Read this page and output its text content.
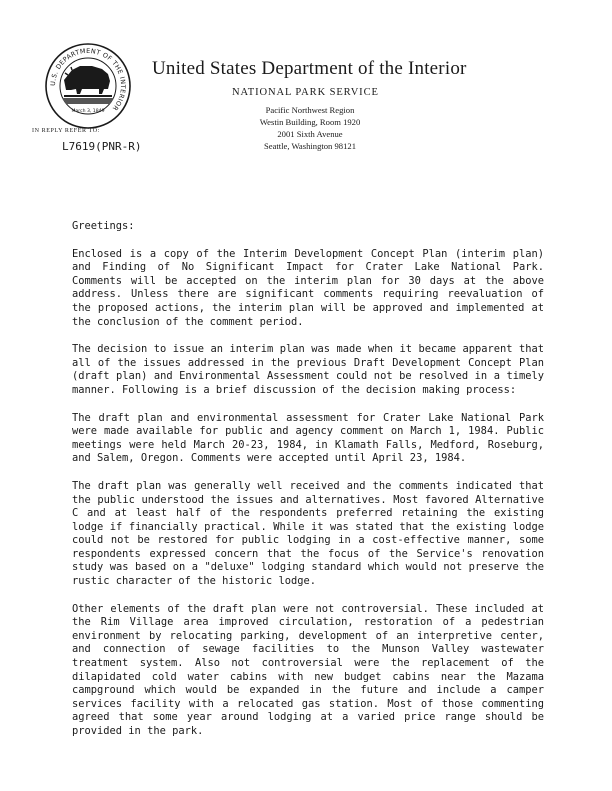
U.S. DEPARTMENT OF THE INTERIOR
March 3, 1849
United States Department of the Interior
NATIONAL PARK SERVICE
Pacific Northwest Region
Westin Building, Room 1920
2001 Sixth Avenue
Seattle, Washington 98121
IN REPLY REFER TO:
L7619(PNR-R)
Greetings:
Enclosed is a copy of the Interim Development Concept Plan (interim plan) and Finding of No Significant Impact for Crater Lake National Park. Comments will be accepted on the interim plan for 30 days at the above address. Unless there are significant comments requiring reevaluation of the proposed actions, the interim plan will be approved and implemented at the conclusion of the comment period.
The decision to issue an interim plan was made when it became apparent that all of the issues addressed in the previous Draft Development Concept Plan (draft plan) and Environmental Assessment could not be resolved in a timely manner. Following is a brief discussion of the decision making process:
The draft plan and environmental assessment for Crater Lake National Park were made available for public and agency comment on March 1, 1984. Public meetings were held March 20-23, 1984, in Klamath Falls, Medford, Roseburg, and Salem, Oregon. Comments were accepted until April 23, 1984.
The draft plan was generally well received and the comments indicated that the public understood the issues and alternatives. Most favored Alternative C and at least half of the respondents preferred retaining the existing lodge if financially practical. While it was stated that the existing lodge could not be restored for public lodging in a cost-effective manner, some respondents expressed concern that the focus of the Service's renovation study was based on a "deluxe" lodging standard which would not preserve the rustic character of the historic lodge.
Other elements of the draft plan were not controversial. These included at the Rim Village area improved circulation, restoration of a pedestrian environment by relocating parking, development of an interpretive center, and connection of sewage facilities to the Munson Valley wastewater treatment system. Also not controversial were the replacement of the dilapidated cold water cabins with new budget cabins near the Mazama campground which would be expanded in the future and include a camper services facility with a relocated gas station. Most of those commenting agreed that some year around lodging at a varied price range should be provided in the park.
